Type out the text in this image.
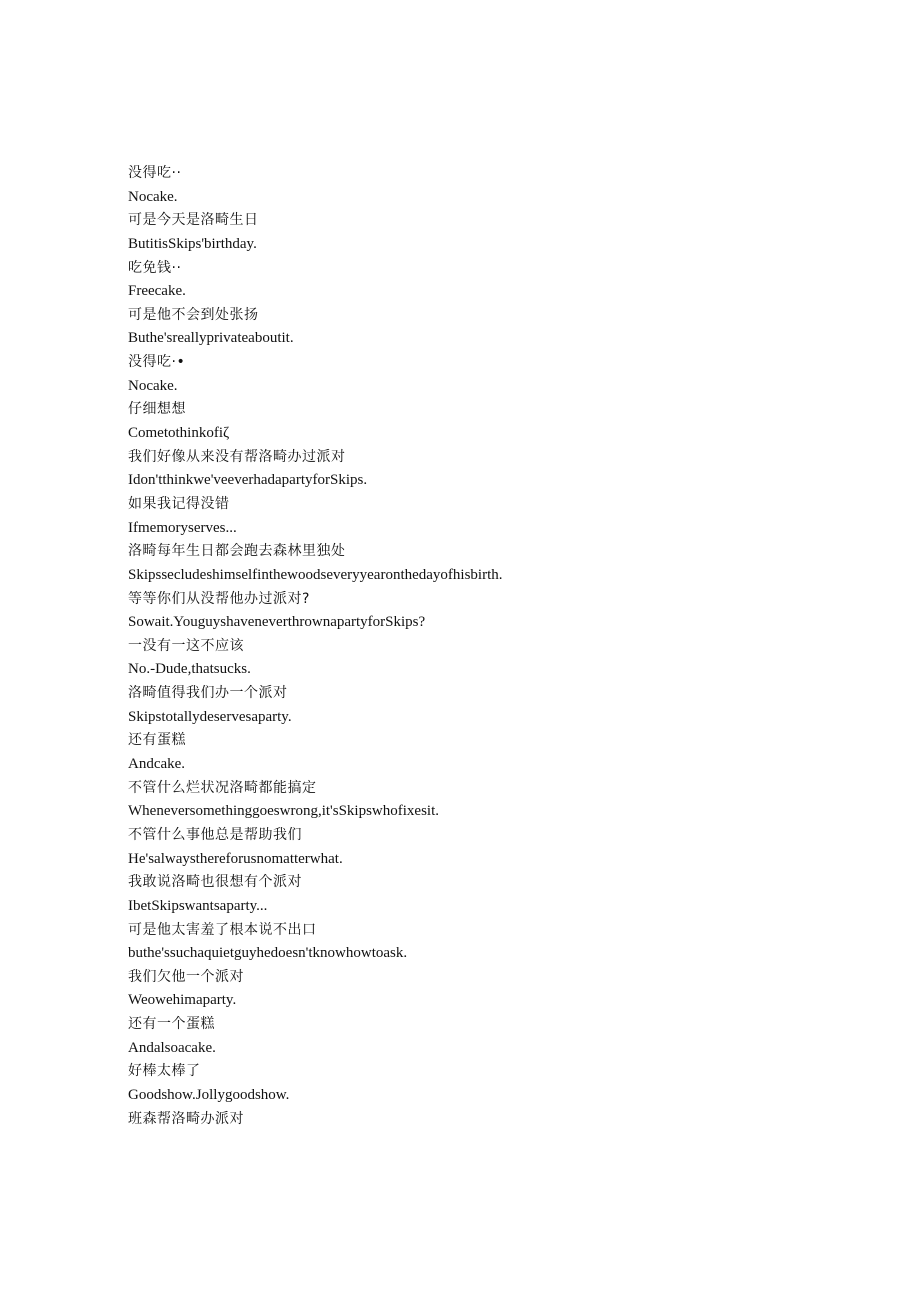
没得吃··
Nocake.
可是今天是洛畸生日
ButitisSkips'birthday.
吃免钱··
Freecake.
可是他不会到处张扬
Buthe'sreallyprivateaboutit.
没得吃·•
Nocake.
仔细想想
Cometothinkofiζ
我们好像从来没有帮洛畸办过派对
Idon'tthinkwe'veeverhadapartyforSkips.
如果我记得没错
Ifmemoryserves...
洛畸每年生日都会跑去森林里独处
Skipssecludeshimselfinthewoodseveryyearonthedayofhisbirth.
等等你们从没帮他办过派对?
Sowait.YouguyshaveneverthrownapartyforSkips?
一没有一这不应该
No.-Dude,thatsucks.
洛畸值得我们办一个派对
Skipstotallydeservesaparty.
还有蛋糕
Andcake.
不管什么烂状况洛畸都能搞定
Wheneversomethinggoeswrong,it'sSkipswhofixesit.
不管什么事他总是帮助我们
He'salwaysthereforusnomatterwhat.
我敢说洛畸也很想有个派对
IbetSkipswantsaparty...
可是他太害羞了根本说不出口
buthe'ssuchaquietguyhedoesn'tknowhowtoask.
我们欠他一个派对
Weowehimaparty.
还有一个蛋糕
Andalsoacake.
好棒太棒了
Goodshow.Jollygoodshow.
班森帮洛畸办派对
